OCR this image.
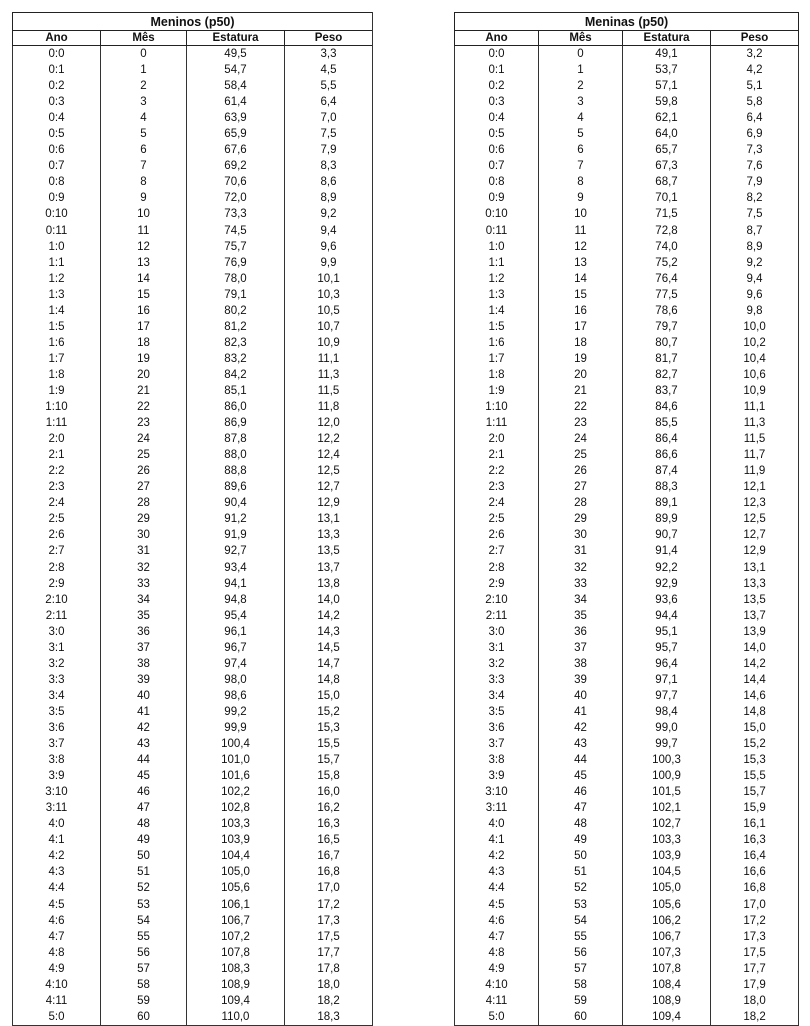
Meninos (p50)			
Ano	Mês	Estatura	Peso
0:0	0	49,5	3,3
0:1	1	54,7	4,5
0:2	2	58,4	5,5
0:3	3	61,4	6,4
0:4	4	63,9	7,0
0:5	5	65,9	7,5
0:6	6	67,6	7,9
0:7	7	69,2	8,3
0:8	8	70,6	8,6
0:9	9	72,0	8,9
0:10	10	73,3	9,2
0:11	11	74,5	9,4
1:0	12	75,7	9,6
1:1	13	76,9	9,9
1:2	14	78,0	10,1
1:3	15	79,1	10,3
1:4	16	80,2	10,5
1:5	17	81,2	10,7
1:6	18	82,3	10,9
1:7	19	83,2	11,1
1:8	20	84,2	11,3
1:9	21	85,1	11,5
1:10	22	86,0	11,8
1:11	23	86,9	12,0
2:0	24	87,8	12,2
2:1	25	88,0	12,4
2:2	26	88,8	12,5
2:3	27	89,6	12,7
2:4	28	90,4	12,9
2:5	29	91,2	13,1
2:6	30	91,9	13,3
2:7	31	92,7	13,5
2:8	32	93,4	13,7
2:9	33	94,1	13,8
2:10	34	94,8	14,0
2:11	35	95,4	14,2
3:0	36	96,1	14,3
3:1	37	96,7	14,5
3:2	38	97,4	14,7
3:3	39	98,0	14,8
3:4	40	98,6	15,0
3:5	41	99,2	15,2
3:6	42	99,9	15,3
3:7	43	100,4	15,5
3:8	44	101,0	15,7
3:9	45	101,6	15,8
3:10	46	102,2	16,0
3:11	47	102,8	16,2
4:0	48	103,3	16,3
4:1	49	103,9	16,5
4:2	50	104,4	16,7
4:3	51	105,0	16,8
4:4	52	105,6	17,0
4:5	53	106,1	17,2
4:6	54	106,7	17,3
4:7	55	107,2	17,5
4:8	56	107,8	17,7
4:9	57	108,3	17,8
4:10	58	108,9	18,0
4:11	59	109,4	18,2
5:0	60	110,0	18,3
Meninas (p50)			
Ano	Mês	Estatura	Peso
0:0	0	49,1	3,2
0:1	1	53,7	4,2
0:2	2	57,1	5,1
0:3	3	59,8	5,8
0:4	4	62,1	6,4
0:5	5	64,0	6,9
0:6	6	65,7	7,3
0:7	7	67,3	7,6
0:8	8	68,7	7,9
0:9	9	70,1	8,2
0:10	10	71,5	7,5
0:11	11	72,8	8,7
1:0	12	74,0	8,9
1:1	13	75,2	9,2
1:2	14	76,4	9,4
1:3	15	77,5	9,6
1:4	16	78,6	9,8
1:5	17	79,7	10,0
1:6	18	80,7	10,2
1:7	19	81,7	10,4
1:8	20	82,7	10,6
1:9	21	83,7	10,9
1:10	22	84,6	11,1
1:11	23	85,5	11,3
2:0	24	86,4	11,5
2:1	25	86,6	11,7
2:2	26	87,4	11,9
2:3	27	88,3	12,1
2:4	28	89,1	12,3
2:5	29	89,9	12,5
2:6	30	90,7	12,7
2:7	31	91,4	12,9
2:8	32	92,2	13,1
2:9	33	92,9	13,3
2:10	34	93,6	13,5
2:11	35	94,4	13,7
3:0	36	95,1	13,9
3:1	37	95,7	14,0
3:2	38	96,4	14,2
3:3	39	97,1	14,4
3:4	40	97,7	14,6
3:5	41	98,4	14,8
3:6	42	99,0	15,0
3:7	43	99,7	15,2
3:8	44	100,3	15,3
3:9	45	100,9	15,5
3:10	46	101,5	15,7
3:11	47	102,1	15,9
4:0	48	102,7	16,1
4:1	49	103,3	16,3
4:2	50	103,9	16,4
4:3	51	104,5	16,6
4:4	52	105,0	16,8
4:5	53	105,6	17,0
4:6	54	106,2	17,2
4:7	55	106,7	17,3
4:8	56	107,3	17,5
4:9	57	107,8	17,7
4:10	58	108,4	17,9
4:11	59	108,9	18,0
5:0	60	109,4	18,2
